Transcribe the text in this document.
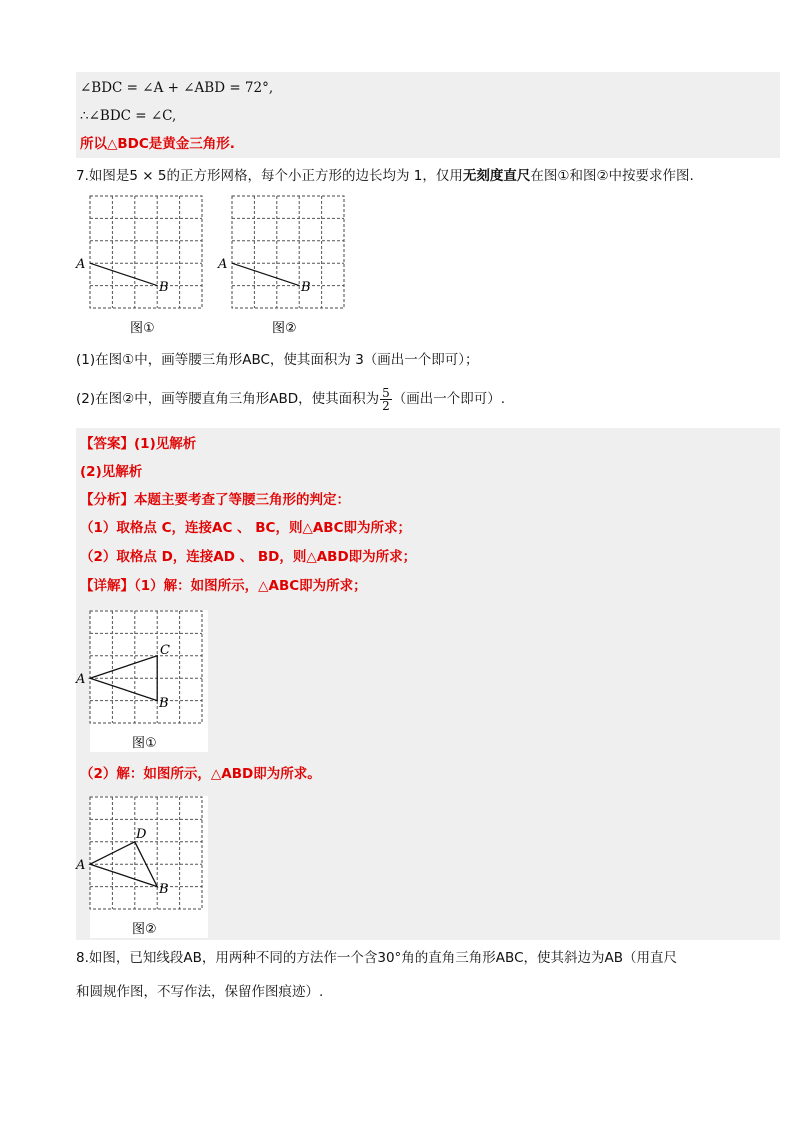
∠BDC = ∠A + ∠ABD = 72°,
∴∠BDC = ∠C,
所以△BDC是黄金三角形.
7.如图是5 × 5的正方形网格，每个小正方形的边长均为 1，仅用无刻度直尺在图①和图②中按要求作图.
A
B
图①
A
B
图②
(1)在图①中，画等腰三角形ABC，使其面积为 3（画出一个即可）；
(2)在图②中，画等腰直角三角形ABD，使其面积为 $\frac{5}{2}$ （画出一个即可）.
【答案】(1)见解析
(2)见解析
【分析】本题主要考查了等腰三角形的判定：
（1）取格点 C，连接AC 、 BC，则△ABC即为所求；
（2）取格点 D，连接AD 、 BD，则△ABD即为所求；
【详解】（1）解：如图所示，△ABC即为所求；
A
C
B
图①
（2）解：如图所示，△ABD即为所求。
A
D
B
图②
8.如图，已知线段AB，用两种不同的方法作一个含30°角的直角三角形ABC，使其斜边为AB（用直尺
和圆规作图，不写作法，保留作图痕迹）.
